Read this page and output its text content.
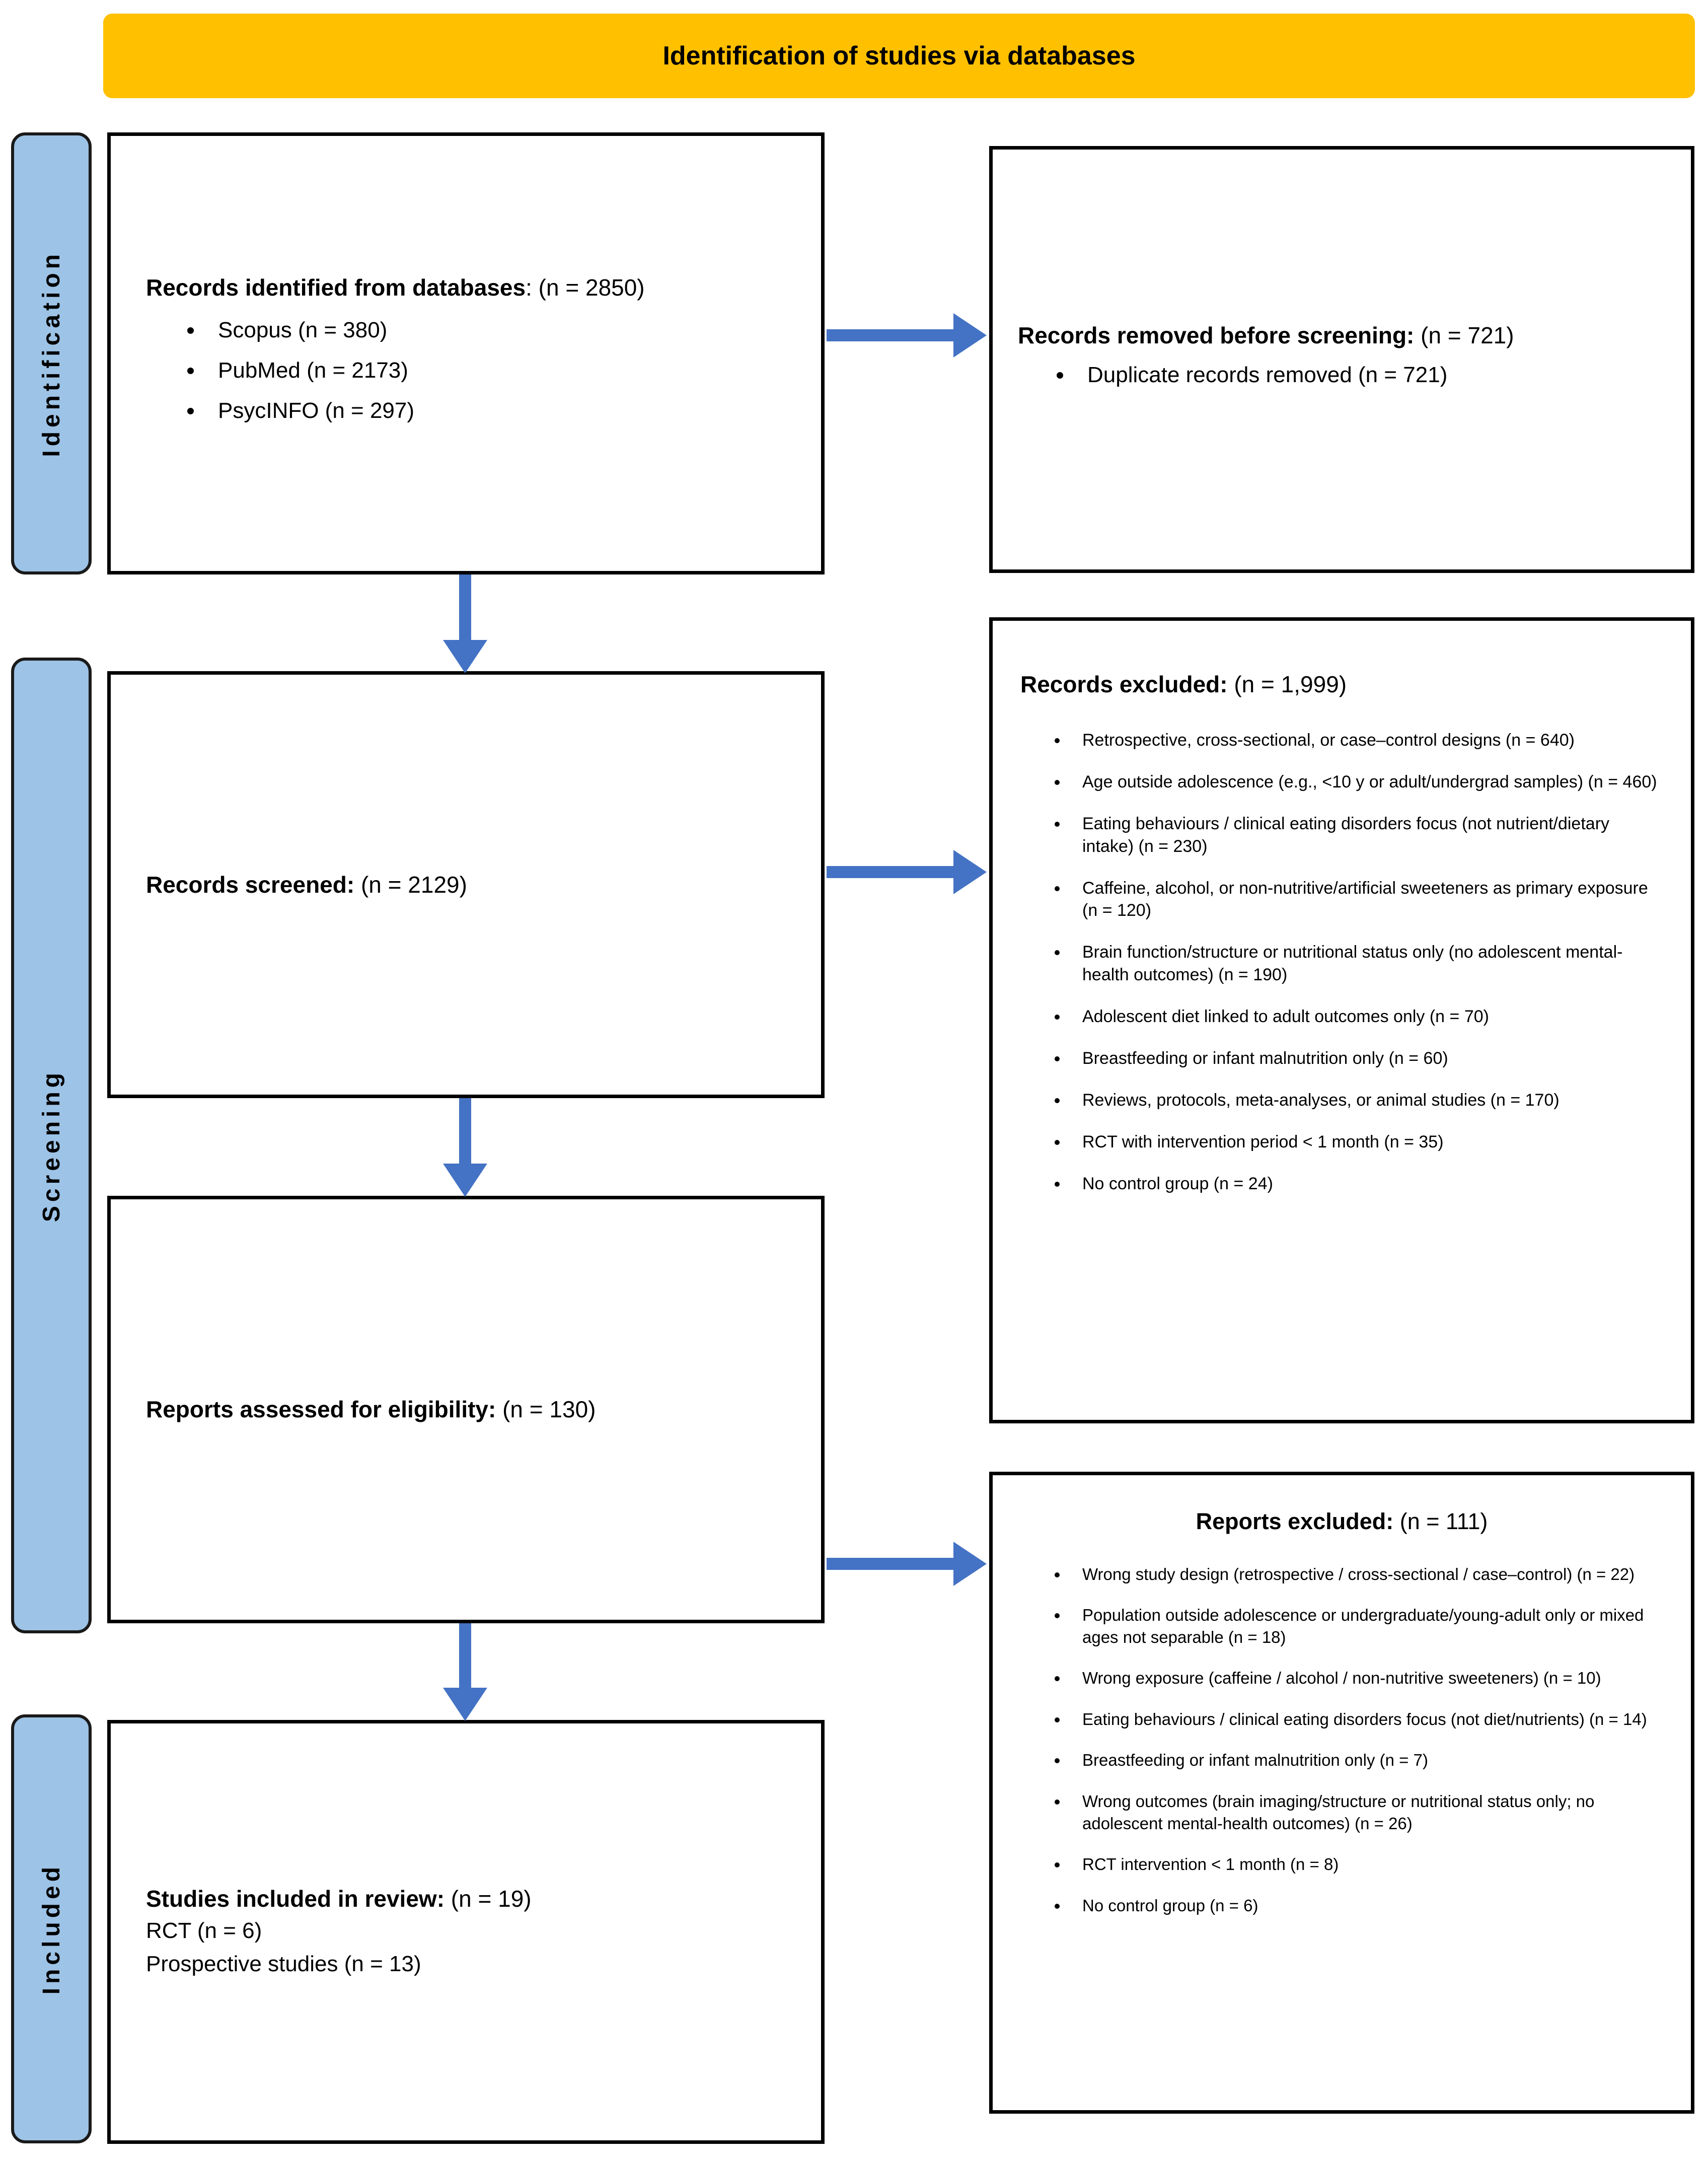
Identification of studies via databases
Identification
Screening
Included
Records identified from databases: (n = 2850)
• Scopus (n = 380)
• PubMed (n = 2173)
• PsycINFO (n = 297)
Records removed before screening: (n = 721)
• Duplicate records removed (n = 721)
Records screened: (n = 2129)
Records excluded: (n = 1,999)
• Retrospective, cross-sectional, or case–control designs (n = 640)
• Age outside adolescence (e.g., <10 y or adult/undergrad samples) (n = 460)
• Eating behaviours / clinical eating disorders focus (not nutrient/dietary intake) (n = 230)
• Caffeine, alcohol, or non-nutritive/artificial sweeteners as primary exposure (n = 120)
• Brain function/structure or nutritional status only (no adolescent mental-health outcomes) (n = 190)
• Adolescent diet linked to adult outcomes only (n = 70)
• Breastfeeding or infant malnutrition only (n = 60)
• Reviews, protocols, meta-analyses, or animal studies (n = 170)
• RCT with intervention period < 1 month (n = 35)
• No control group (n = 24)
Reports assessed for eligibility: (n = 130)
Reports excluded: (n = 111)
• Wrong study design (retrospective / cross-sectional / case–control) (n = 22)
• Population outside adolescence or undergraduate/young-adult only or mixed ages not separable (n = 18)
• Wrong exposure (caffeine / alcohol / non-nutritive sweeteners) (n = 10)
• Eating behaviours / clinical eating disorders focus (not diet/nutrients) (n = 14)
• Breastfeeding or infant malnutrition only (n = 7)
• Wrong outcomes (brain imaging/structure or nutritional status only; no adolescent mental-health outcomes) (n = 26)
• RCT intervention < 1 month (n = 8)
• No control group (n = 6)
Studies included in review: (n = 19)
RCT (n = 6)
Prospective studies (n = 13)
